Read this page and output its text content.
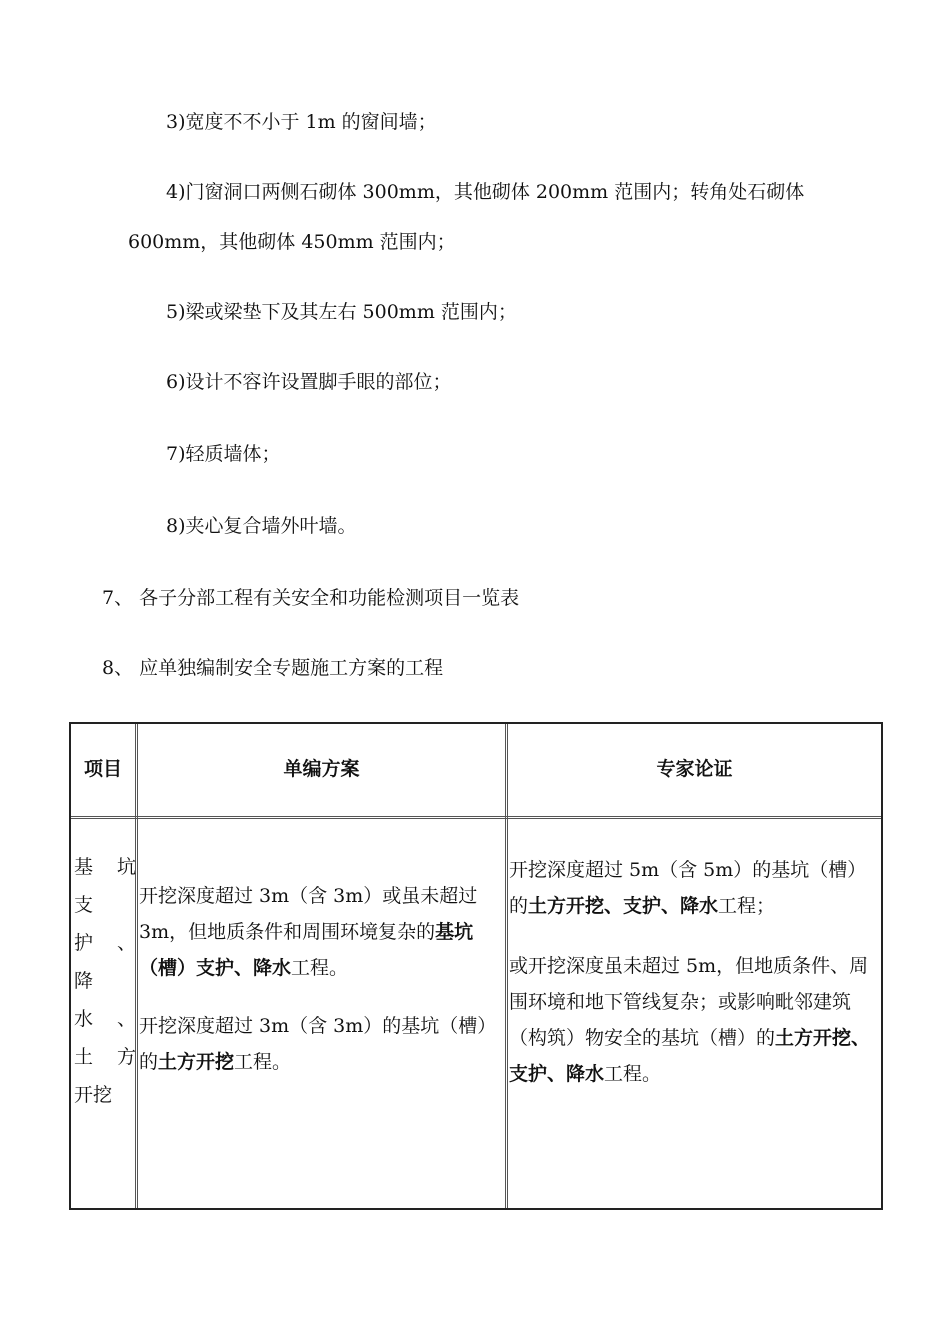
3)宽度不不小于 1m 的窗间墙；
4)门窗洞口两侧石砌体 300mm，其他砌体 200mm 范围内；转角处石砌体
600mm，其他砌体 450mm 范围内；
5)梁或梁垫下及其左右 500mm 范围内；
6)设计不容许设置脚手眼的部位；
7)轻质墙体；
8)夹心复合墙外叶墙。
7、 各子分部工程有关安全和功能检测项目一览表
8、 应单独编制安全专题施工方案的工程
项目	单编方案	专家论证
基 坑
支
护 、
降
水 、
土 方
开挖

开挖深度超过 3m（含 3m）或虽未超过 3m，但地质条件和周围环境复杂的基坑（槽）支护、降水工程。

开挖深度超过 3m（含 3m）的基坑（槽）的土方开挖工程。

开挖深度超过 5m（含 5m）的基坑（槽）的土方开挖、支护、降水工程；

或开挖深度虽未超过 5m，但地质条件、周围环境和地下管线复杂；或影响毗邻建筑（构筑）物安全的基坑（槽）的土方开挖、支护、降水工程。
